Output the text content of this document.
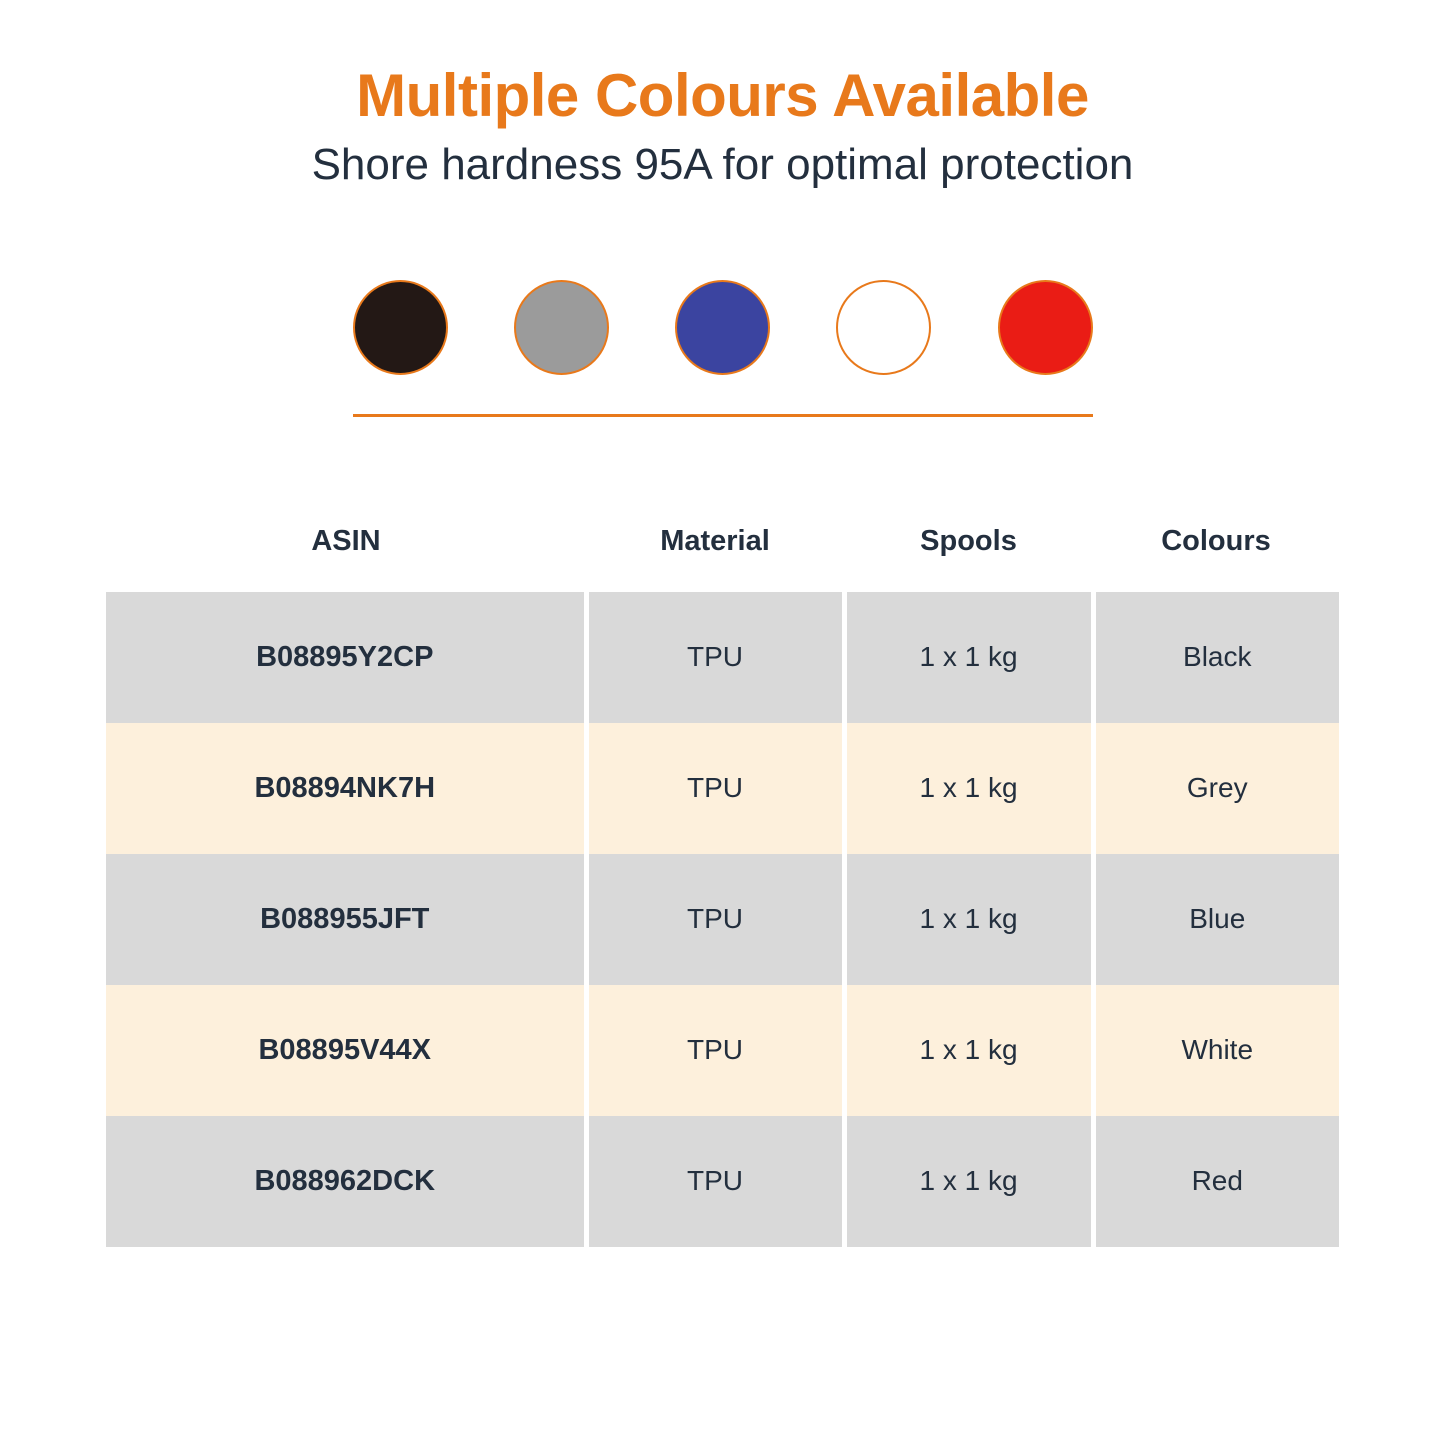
Multiple Colours Available

Shore hardness 95A for optimal protection

ASIN	Material	Spools	Colours
B08895Y2CP	TPU	1 x 1 kg	Black
B08894NK7H	TPU	1 x 1 kg	Grey
B088955JFT	TPU	1 x 1 kg	Blue
B08895V44X	TPU	1 x 1 kg	White
B088962DCK	TPU	1 x 1 kg	Red
